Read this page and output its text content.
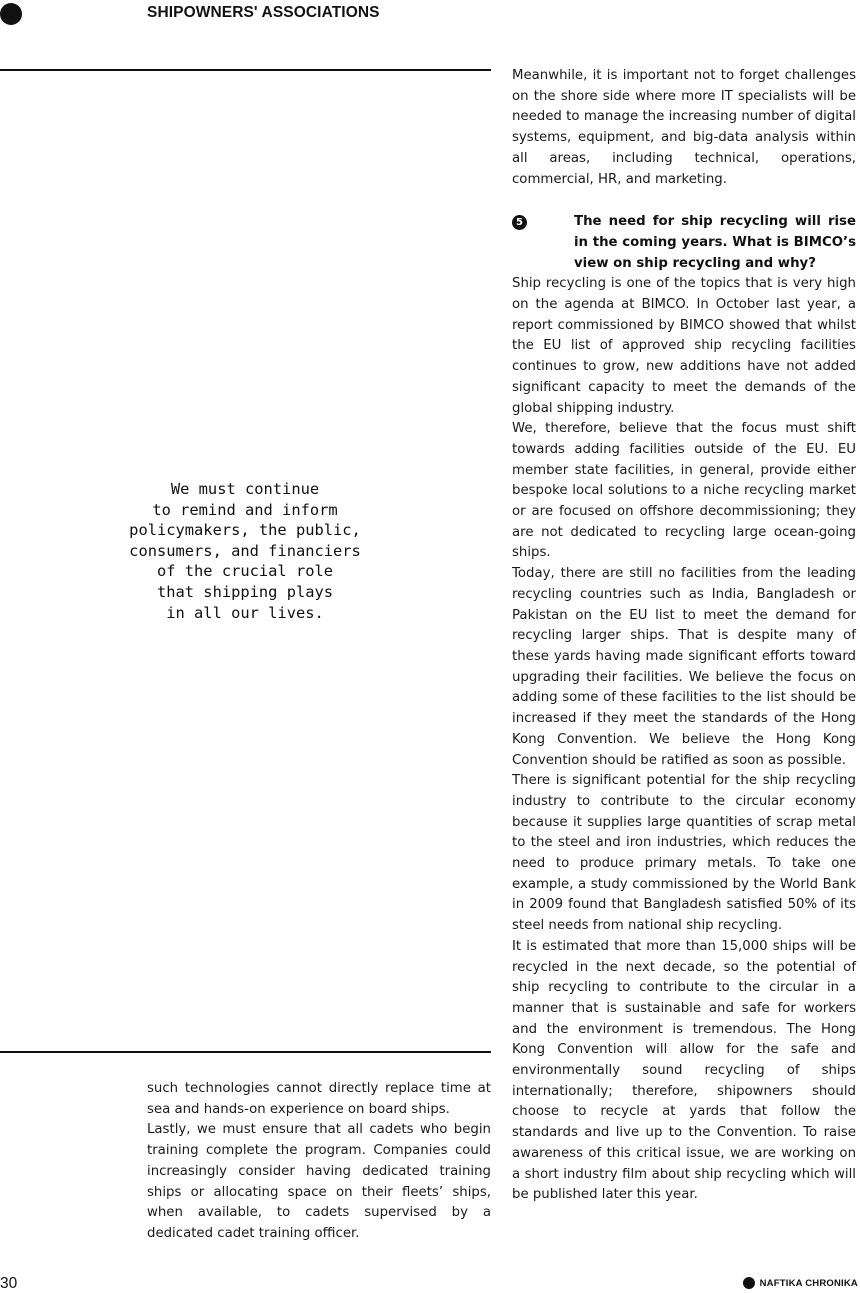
SHIPOWNERS' ASSOCIATIONS

We must continue

to remind and inform

policymakers, the public,

consumers, and financiers

of the crucial role

that shipping plays

in all our lives.

such technologies cannot directly replace time at sea and hands-on experience on board ships.

Lastly, we must ensure that all cadets who begin training complete the program. Companies could increasingly consider having dedicated training ships or allocating space on their fleets’ ships, when available, to cadets supervised by a dedicated cadet training officer.

Meanwhile, it is important not to forget challenges on the shore side where more IT specialists will be needed to manage the increasing number of digital systems, equipment, and big-data analysis within all areas, including technical, operations, commercial, HR, and marketing.

5	The need for ship recycling will rise in the coming years. What is BIMCO’s view on ship recycling and why?

Ship recycling is one of the topics that is very high on the agenda at BIMCO. In October last year, a report commissioned by BIMCO showed that whilst the EU list of approved ship recycling facilities continues to grow, new additions have not added significant capacity to meet the demands of the global shipping industry.

We, therefore, believe that the focus must shift towards adding facilities outside of the EU. EU member state facilities, in general, provide either bespoke local solutions to a niche recycling market or are focused on offshore decommissioning; they are not dedicated to recycling large ocean-going ships.

Today, there are still no facilities from the leading recycling countries such as India, Bangladesh or Pakistan on the EU list to meet the demand for recycling larger ships. That is despite many of these yards having made significant efforts toward upgrading their facilities. We believe the focus on adding some of these facilities to the list should be increased if they meet the standards of the Hong Kong Convention. We believe the Hong Kong Convention should be ratified as soon as possible.

There is significant potential for the ship recycling industry to contribute to the circular economy because it supplies large quantities of scrap metal to the steel and iron industries, which reduces the need to produce primary metals. To take one example, a study commissioned by the World Bank in 2009 found that Bangladesh satisfied 50% of its steel needs from national ship recycling.

It is estimated that more than 15,000 ships will be recycled in the next decade, so the potential of ship recycling to contribute to the circular in a manner that is sustainable and safe for workers and the environment is tremendous. The Hong Kong Convention will allow for the safe and environmentally sound recycling of ships internationally; therefore, shipowners should choose to recycle at yards that follow the standards and live up to the Convention. To raise awareness of this critical issue, we are working on a short industry film about ship recycling which will be published later this year.

30	NAFTIKA CHRONIKA
